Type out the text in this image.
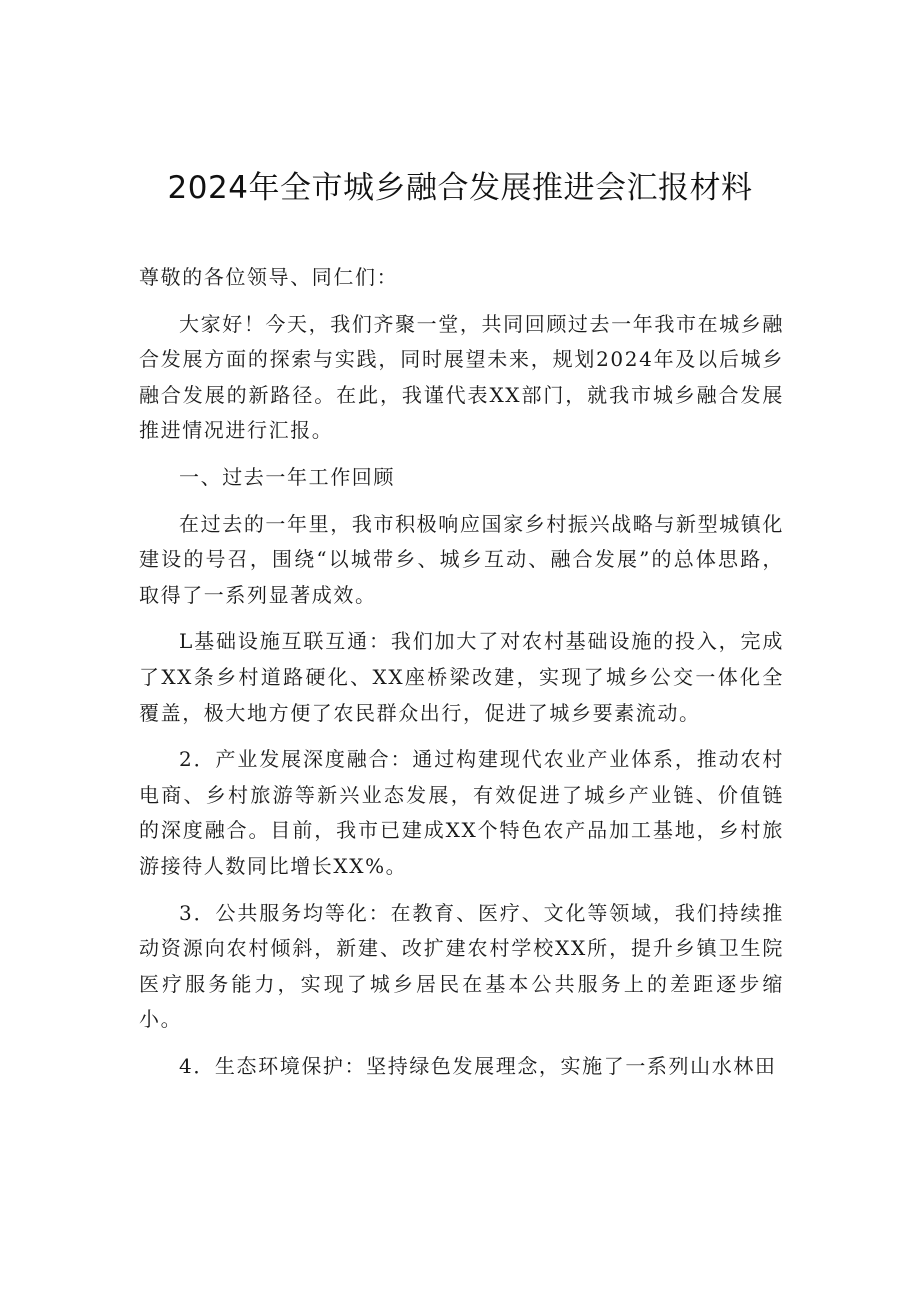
2024年全市城乡融合发展推进会汇报材料

尊敬的各位领导、同仁们：

大家好！今天，我们齐聚一堂，共同回顾过去一年我市在城乡融合发展方面的探索与实践，同时展望未来，规划2024年及以后城乡融合发展的新路径。在此，我谨代表XX部门，就我市城乡融合发展推进情况进行汇报。

一、过去一年工作回顾

在过去的一年里，我市积极响应国家乡村振兴战略与新型城镇化建设的号召，围绕“以城带乡、城乡互动、融合发展”的总体思路，取得了一系列显著成效。

L基础设施互联互通：我们加大了对农村基础设施的投入，完成了XX条乡村道路硬化、XX座桥梁改建，实现了城乡公交一体化全覆盖，极大地方便了农民群众出行，促进了城乡要素流动。

2．产业发展深度融合：通过构建现代农业产业体系，推动农村电商、乡村旅游等新兴业态发展，有效促进了城乡产业链、价值链的深度融合。目前，我市已建成XX个特色农产品加工基地，乡村旅游接待人数同比增长XX%。

3．公共服务均等化：在教育、医疗、文化等领域，我们持续推动资源向农村倾斜，新建、改扩建农村学校XX所，提升乡镇卫生院医疗服务能力，实现了城乡居民在基本公共服务上的差距逐步缩小。

4．生态环境保护：坚持绿色发展理念，实施了一系列山水林田
